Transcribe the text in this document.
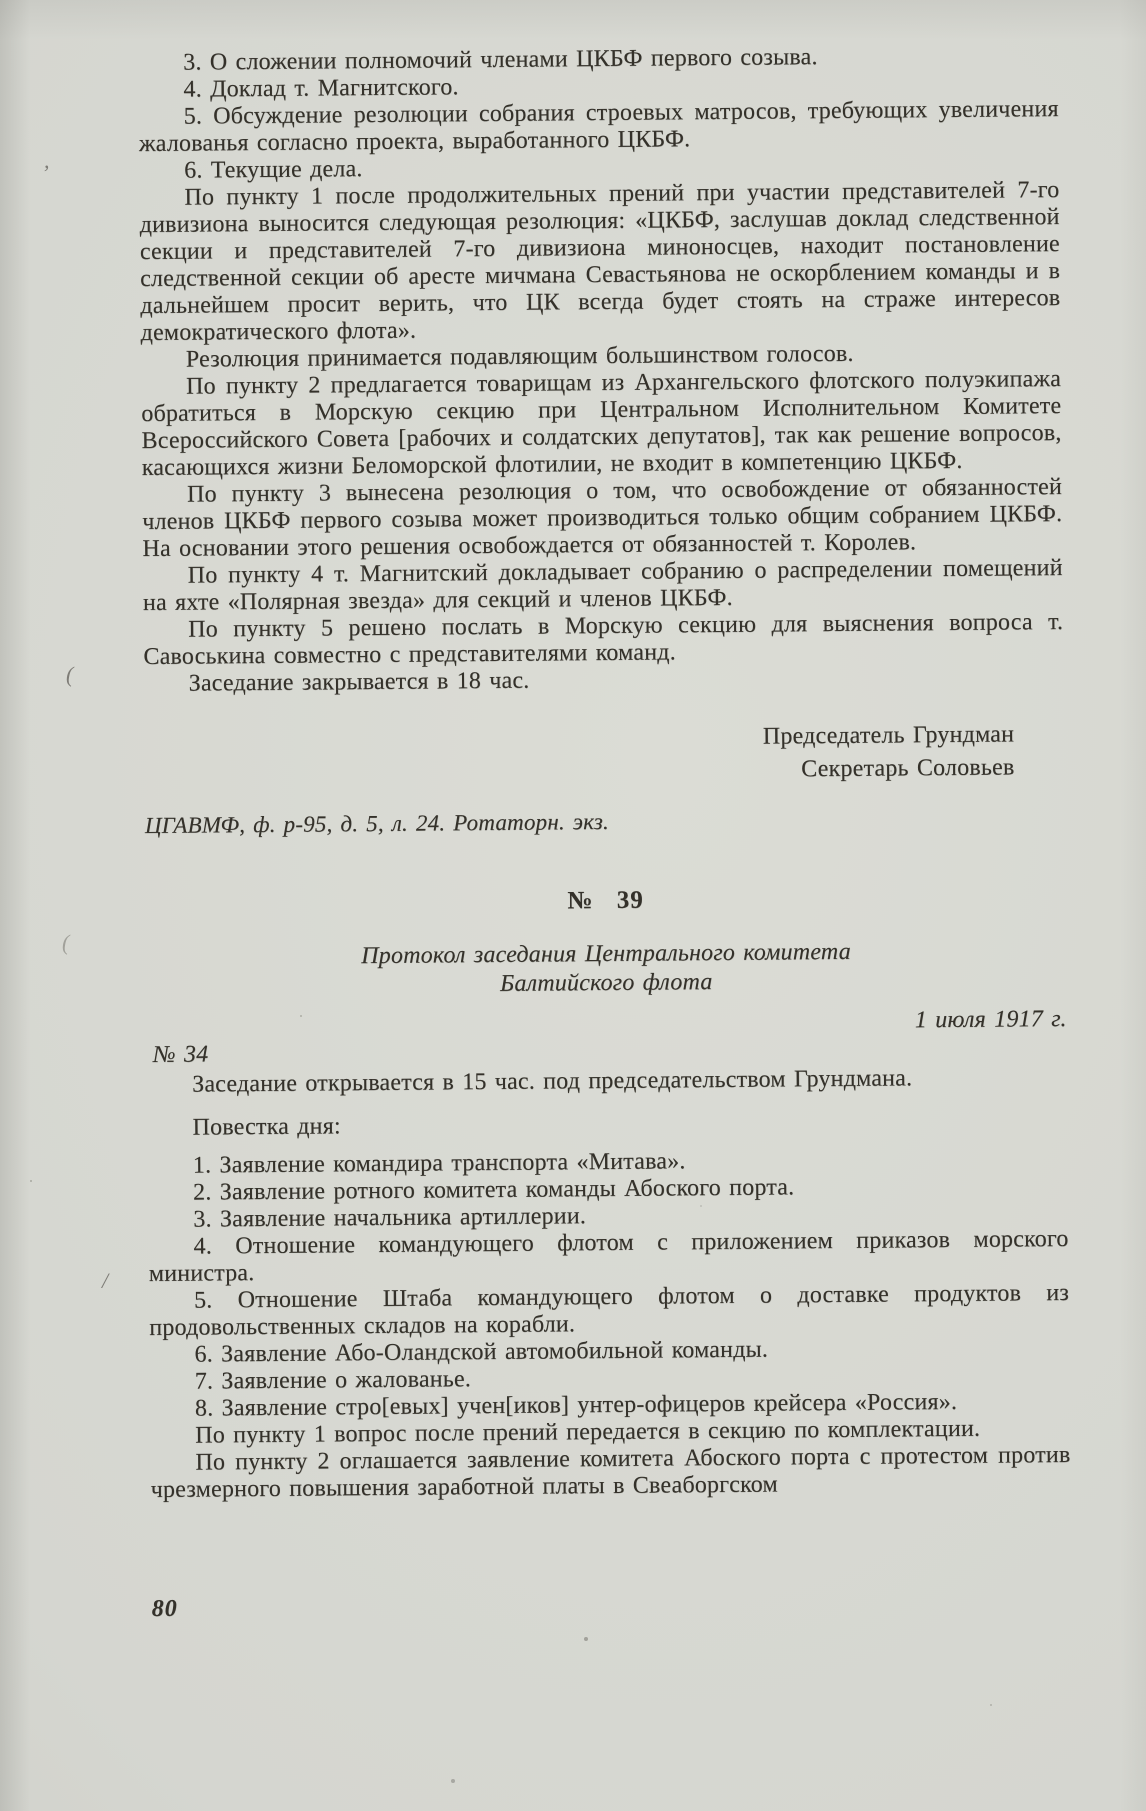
(
,
/
(

3. О сложении полномочий членами ЦКБФ первого созыва.

4. Доклад т. Магнитского.

5. Обсуждение резолюции собрания строевых матросов, требующих увеличения жалованья согласно проекта, выработанного ЦКБФ.

6. Текущие дела.

По пункту 1 после продолжительных прений при участии представителей 7-го дивизиона выносится следующая резолюция: «ЦКБФ, заслушав доклад следственной секции и представителей 7-го дивизиона миноносцев, находит постановление следственной секции об аресте мичмана Севастьянова не оскорблением команды и в дальнейшем просит верить, что ЦК всегда будет стоять на страже интересов демократического флота».

Резолюция принимается подавляющим большинством голосов.

По пункту 2 предлагается товарищам из Архангельского флотского полуэкипажа обратиться в Морскую секцию при Центральном Исполнительном Комитете Всероссийского Совета [рабочих и солдатских депутатов], так как решение вопросов, касающихся жизни Беломорской флотилии, не входит в компетенцию ЦКБФ.

По пункту 3 вынесена резолюция о том, что освобождение от обязанностей членов ЦКБФ первого созыва может производиться только общим собранием ЦКБФ. На основании этого решения освобождается от обязанностей т. Королев.

По пункту 4 т. Магнитский докладывает собранию о распределении помещений на яхте «Полярная звезда» для секций и членов ЦКБФ.

По пункту 5 решено послать в Морскую секцию для выяснения вопроса т. Савоськина совместно с представителями команд.

Заседание закрывается в 18 час.

Председатель Грундман

Секретарь Соловьев

ЦГАВМФ, ф. р-95, д. 5, л. 24. Ротаторн. экз.

№ 39

Протокол заседания Центрального комитета Балтийского флота

№ 34
1 июля 1917 г.

Заседание открывается в 15 час. под председательством Грундмана.

Повестка дня:

1. Заявление командира транспорта «Митава».

2. Заявление ротного комитета команды Абоского порта.

3. Заявление начальника артиллерии.

4. Отношение командующего флотом с приложением приказов морского министра.

5. Отношение Штаба командующего флотом о доставке продуктов из продовольственных складов на корабли.

6. Заявление Або-Оландской автомобильной команды.

7. Заявление о жалованье.

8. Заявление стро[евых] учен[иков] унтер-офицеров крейсера «Россия».

По пункту 1 вопрос после прений передается в секцию по комплектации.

По пункту 2 оглашается заявление комитета Абоского порта с протестом против чрезмерного повышения заработной платы в Свеаборгском

80
